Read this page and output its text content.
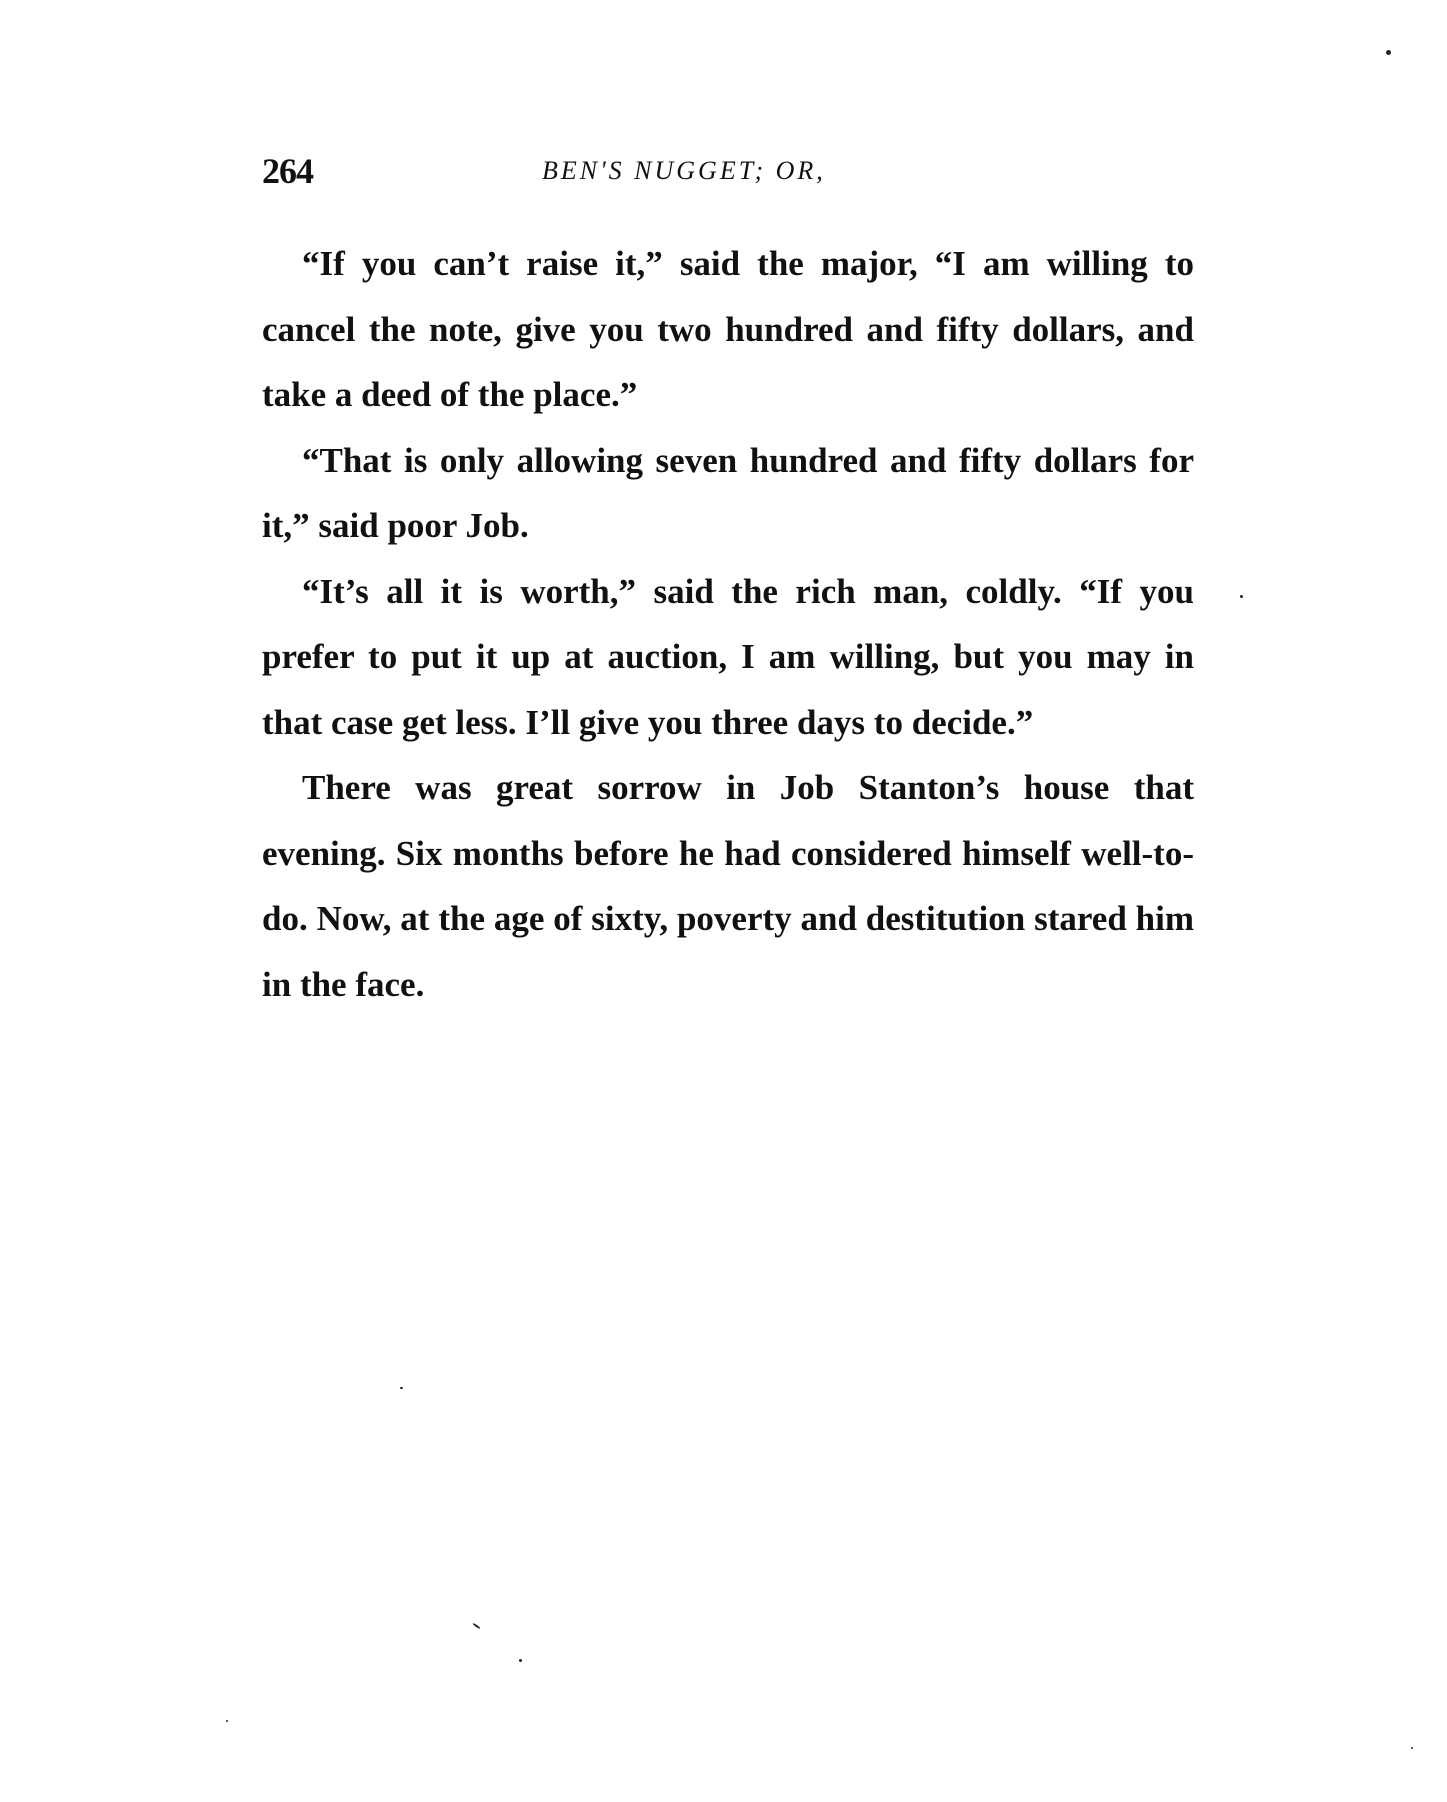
264	BEN'S NUGGET; OR,

“If you can’t raise it,” said the major, “I am willing to cancel the note, give you two hundred and fifty dollars, and take a deed of the place.”

“That is only allowing seven hundred and fifty dollars for it,” said poor Job.

“It’s all it is worth,” said the rich man, coldly. “If you prefer to put it up at auction, I am willing, but you may in that case get less. I’ll give you three days to decide.”

There was great sorrow in Job Stanton’s house that evening. Six months before he had considered himself well-to-do. Now, at the age of sixty, poverty and destitution stared him in the face.
